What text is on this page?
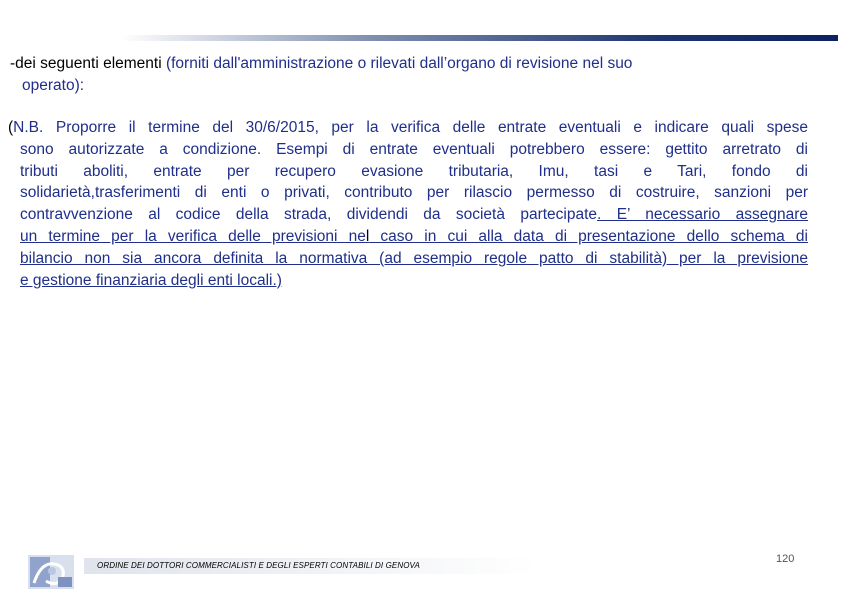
-dei seguenti elementi (forniti dall'amministrazione o rilevati dall’organo di revisione nel suo
operato):
(N.B. Proporre il termine del 30/6/2015, per la verifica delle entrate eventuali e indicare quali spese
sono autorizzate a condizione. Esempi di entrate eventuali potrebbero essere: gettito arretrato di
tributi aboliti, entrate per recupero evasione tributaria, Imu, tasi e Tari, fondo di
solidarietà,trasferimenti di enti o privati, contributo per rilascio permesso di costruire, sanzioni per
contravvenzione al codice della strada, dividendi da società partecipate. E’ necessario assegnare
un termine per la verifica delle previsioni nel caso in cui alla data di presentazione dello schema di
bilancio non sia ancora definita la normativa (ad esempio regole patto di stabilità) per la previsione
e gestione finanziaria degli enti locali.)
ORDINE DEI DOTTORI COMMERCIALISTI E DEGLI ESPERTI CONTABILI DI GENOVA
120
